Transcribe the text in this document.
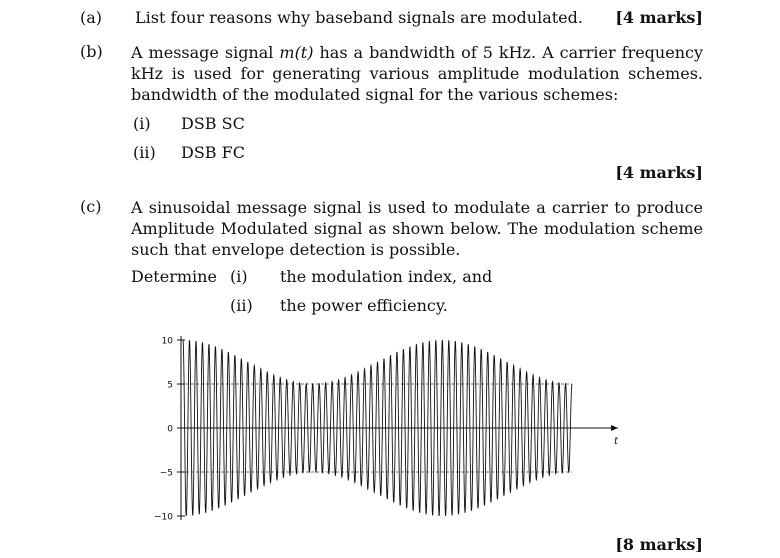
(a) List four reasons why baseband signals are modulated. [4 marks]
(b) A message signal m(t) has a bandwidth of 5 kHz. A carrier frequency
kHz is used for generating various amplitude modulation schemes.
bandwidth of the modulated signal for the various schemes:
(i) DSB SC
(ii) DSB FC
[4 marks]
(c) A sinusoidal message signal is used to modulate a carrier to produce
Amplitude Modulated signal as shown below. The modulation scheme
such that envelope detection is possible.
Determine (i) the modulation index, and
(ii) the power efficiency.
10
5
0
−5
−10
t
[8 marks]
